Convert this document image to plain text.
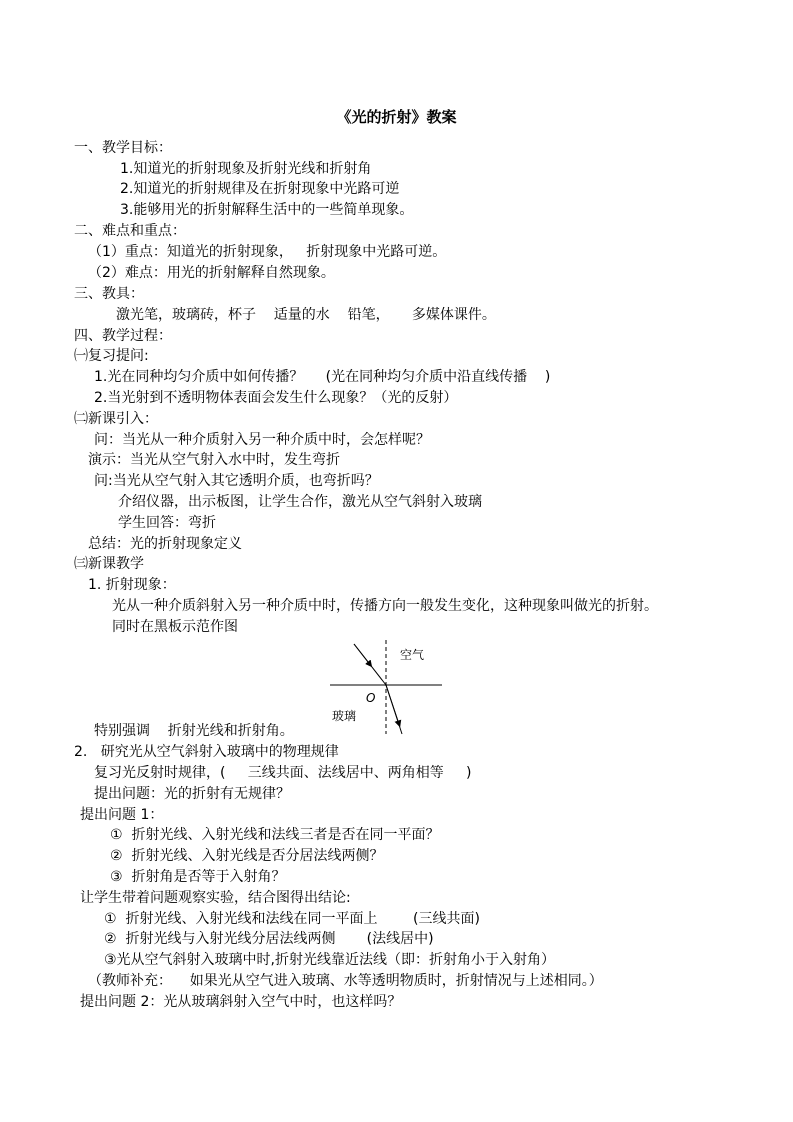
《光的折射》教案
一、教学目标：
1.知道光的折射现象及折射光线和折射角
2.知道光的折射规律及在折射现象中光路可逆
3.能够用光的折射解释生活中的一些简单现象。
二、难点和重点：
（1）重点：知道光的折射现象，   折射现象中光路可逆。
（2）难点：用光的折射解释自然现象。
三、教具：
激光笔，玻璃砖，杯子    适量的水    铅笔，     多媒体课件。
四、教学过程：
㈠复习提问:
1.光在同种均匀介质中如何传播？     (光在同种均匀介质中沿直线传播    )
2.当光射到不透明物体表面会发生什么现象？（光的反射）
㈡新课引入：
问：当光从一种介质射入另一种介质中时，会怎样呢？
演示：当光从空气射入水中时，发生弯折
问:当光从空气射入其它透明介质，也弯折吗？
介绍仪器，出示板图，让学生合作，激光从空气斜射入玻璃
学生回答：弯折
总结：光的折射现象定义
㈢新课教学
1. 折射现象：
光从一种介质斜射入另一种介质中时，传播方向一般发生变化，这种现象叫做光的折射。
同时在黑板示范作图
空气
O
玻璃
特别强调    折射光线和折射角。
2.   研究光从空气斜射入玻璃中的物理规律
复习光反射时规律，(     三线共面、法线居中、两角相等     )
提出问题：光的折射有无规律？
提出问题 1：
①  折射光线、入射光线和法线三者是否在同一平面？
②  折射光线、入射光线是否分居法线两侧？
③  折射角是否等于入射角？
让学生带着问题观察实验，结合图得出结论:
①  折射光线、入射光线和法线在同一平面上        (三线共面)
②  折射光线与入射光线分居法线两侧       (法线居中)
③光从空气斜射入玻璃中时,折射光线靠近法线（即：折射角小于入射角）
（教师补充：    如果光从空气进入玻璃、水等透明物质时，折射情况与上述相同。）
提出问题 2：光从玻璃斜射入空气中时，也这样吗？
